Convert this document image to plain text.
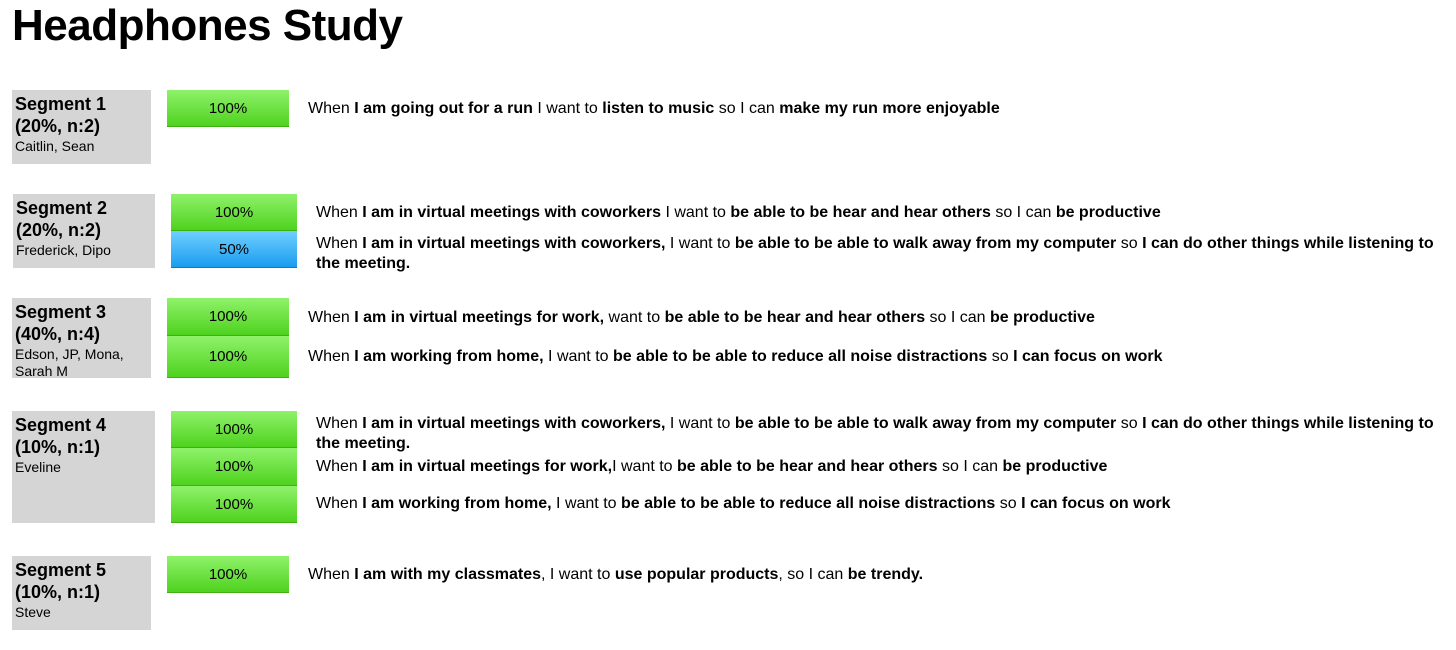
Headphones Study
Segment 1
(20%, n:2)
Caitlin, Sean
100%	When I am going out for a run I want to listen to music so I can make my run more enjoyable
Segment 2
(20%, n:2)
Frederick, Dipo
100%	When I am in virtual meetings with coworkers I want to be able to be hear and hear others so I can be productive
50%	When I am in virtual meetings with coworkers, I want to be able to be able to walk away from my computer so I can do other things while listening to the meeting.
Segment 3
(40%, n:4)
Edson, JP, Mona, Sarah M
100%	When I am in virtual meetings for work, want to be able to be hear and hear others so I can be productive
100%	When I am working from home, I want to be able to be able to reduce all noise distractions so I can focus on work
Segment 4
(10%, n:1)
Eveline
100%	When I am in virtual meetings with coworkers, I want to be able to be able to walk away from my computer so I can do other things while listening to the meeting.
100%	When I am in virtual meetings for work,I want to be able to be hear and hear others so I can be productive
100%	When I am working from home, I want to be able to be able to reduce all noise distractions so I can focus on work
Segment 5
(10%, n:1)
Steve
100%	When I am with my classmates, I want to use popular products, so I can be trendy.
